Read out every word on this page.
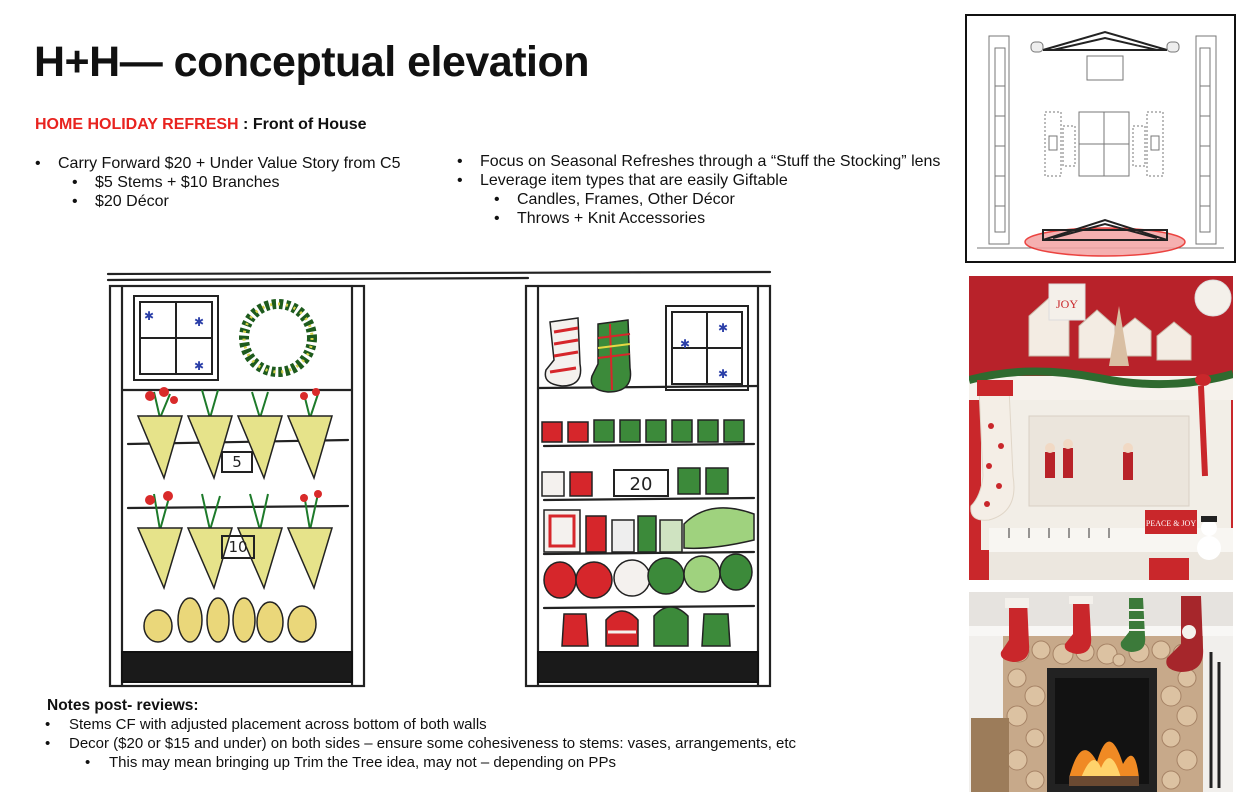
H+H— conceptual elevation
HOME HOLIDAY REFRESH : Front of House
• Carry Forward $20 + Under Value Story from C5
• $5 Stems + $10 Branches
• $20 Décor
• Focus on Seasonal Refreshes through a “Stuff the Stocking” lens
• Leverage item types that are easily Giftable
• Candles, Frames, Other Décor
• Throws + Knit Accessories
JOY
PEACE & JOY
✱	✱
✱
5
10
✱
✱
✱
20
Notes post- reviews:
• Stems CF with adjusted placement across bottom of both walls
• Decor ($20 or $15 and under) on both sides – ensure some cohesiveness to stems: vases, arrangements, etc
• This may mean bringing up Trim the Tree idea, may not – depending on PPs
